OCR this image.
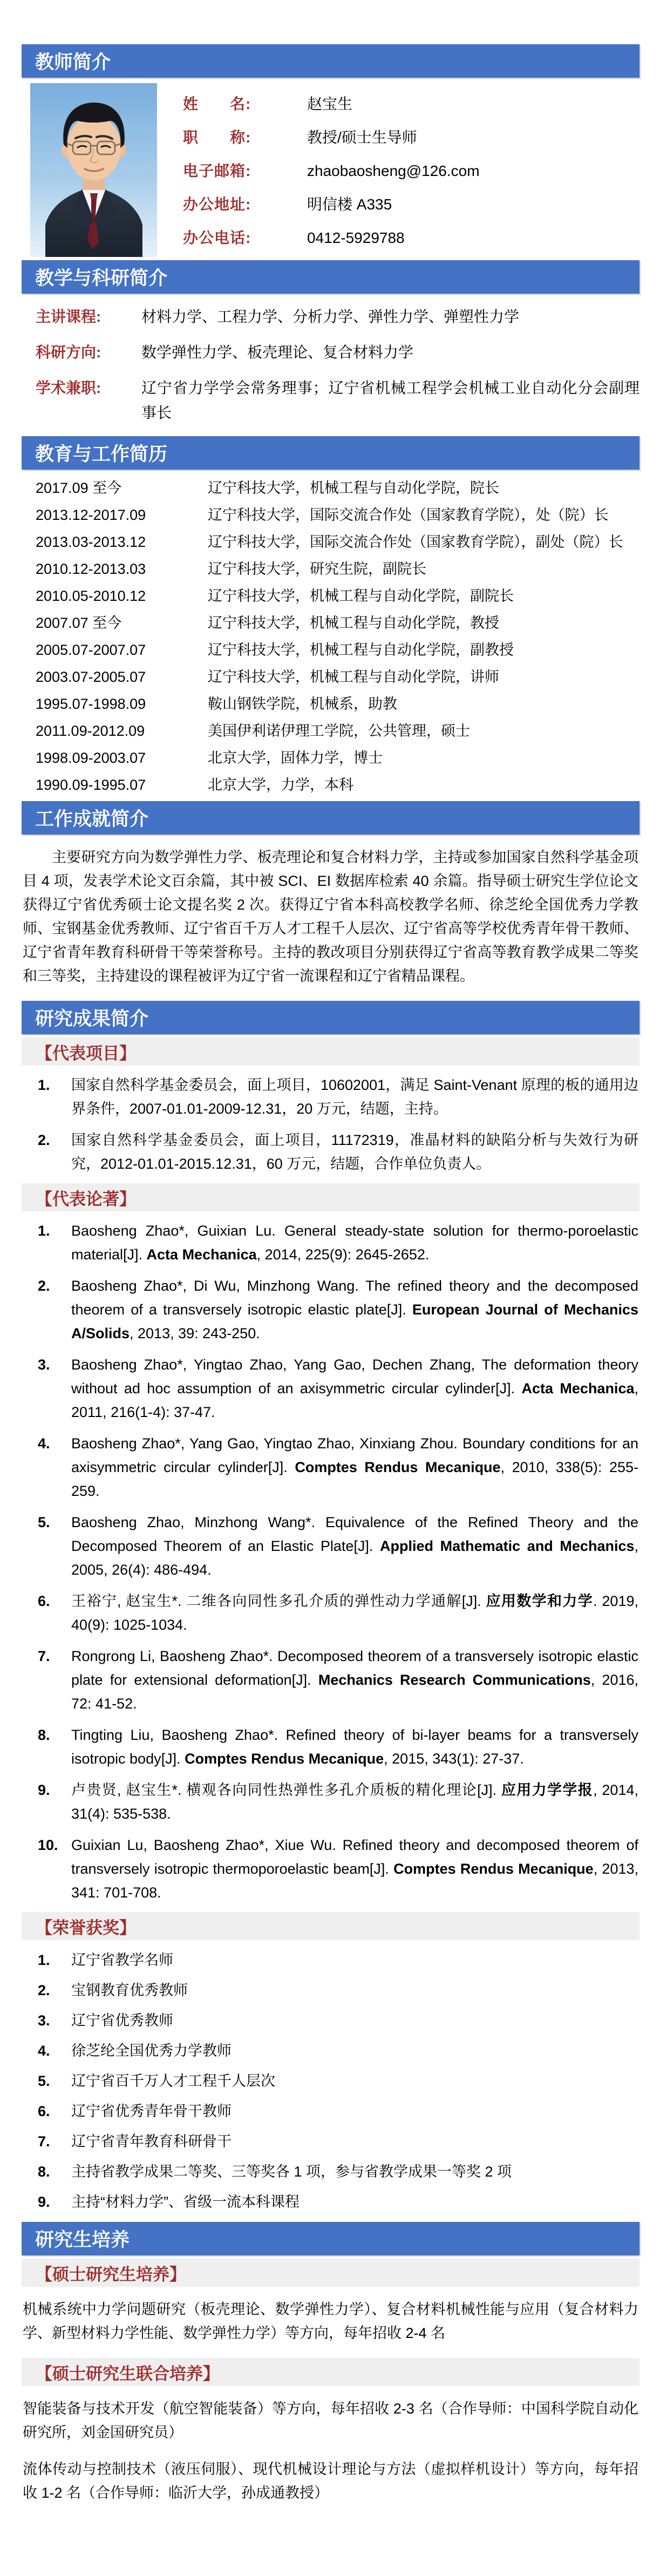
教师简介
姓　　名:	赵宝生
职　　称:	教授/硕士生导师
电子邮箱:	zhaobaosheng@126.com
办公地址:	明信楼 A335
办公电话:	0412-5929788
教学与科研简介
主讲课程:	材料力学、工程力学、分析力学、弹性力学、弹塑性力学
科研方向:	数学弹性力学、板壳理论、复合材料力学
学术兼职:	辽宁省力学学会常务理事；辽宁省机械工程学会机械工业自动化分会副理事长
教育与工作简历
2017.09 至今	辽宁科技大学，机械工程与自动化学院，院长
2013.12-2017.09	辽宁科技大学，国际交流合作处（国家教育学院），处（院）长
2013.03-2013.12	辽宁科技大学，国际交流合作处（国家教育学院），副处（院）长
2010.12-2013.03	辽宁科技大学，研究生院，副院长
2010.05-2010.12	辽宁科技大学，机械工程与自动化学院，副院长
2007.07 至今	辽宁科技大学，机械工程与自动化学院，教授
2005.07-2007.07	辽宁科技大学，机械工程与自动化学院，副教授
2003.07-2005.07	辽宁科技大学，机械工程与自动化学院，讲师
1995.07-1998.09	鞍山钢铁学院，机械系，助教
2011.09-2012.09	美国伊利诺伊理工学院，公共管理，硕士
1998.09-2003.07	北京大学，固体力学，博士
1990.09-1995.07	北京大学，力学，本科
工作成就简介
主要研究方向为数学弹性力学、板壳理论和复合材料力学，主持或参加国家自然科学基金项目 4 项，发表学术论文百余篇，其中被 SCI、EI 数据库检索 40 余篇。指导硕士研究生学位论文获得辽宁省优秀硕士论文提名奖 2 次。获得辽宁省本科高校教学名师、徐芝纶全国优秀力学教师、宝钢基金优秀教师、辽宁省百千万人才工程千人层次、辽宁省高等学校优秀青年骨干教师、辽宁省青年教育科研骨干等荣誉称号。主持的教改项目分别获得辽宁省高等教育教学成果二等奖和三等奖，主持建设的课程被评为辽宁省一流课程和辽宁省精品课程。
研究成果简介
【代表项目】
国家自然科学基金委员会，面上项目，10602001，满足 Saint-Venant 原理的板的通用边界条件，2007-01.01-2009-12.31，20 万元，结题，主持。
国家自然科学基金委员会，面上项目，11172319，准晶材料的缺陷分析与失效行为研究，2012-01.01-2015.12.31，60 万元，结题，合作单位负责人。
【代表论著】
Baosheng Zhao*, Guixian Lu. General steady-state solution for thermo-poroelastic material[J]. Acta Mechanica, 2014, 225(9): 2645-2652.
Baosheng Zhao*, Di Wu, Minzhong Wang. The refined theory and the decomposed theorem of a transversely isotropic elastic plate[J]. European Journal of Mechanics A/Solids, 2013, 39: 243-250.
Baosheng Zhao*, Yingtao Zhao, Yang Gao, Dechen Zhang, The deformation theory without ad hoc assumption of an axisymmetric circular cylinder[J]. Acta Mechanica, 2011, 216(1-4): 37-47.
Baosheng Zhao*, Yang Gao, Yingtao Zhao, Xinxiang Zhou. Boundary conditions for an axisymmetric circular cylinder[J]. Comptes Rendus Mecanique, 2010, 338(5): 255-259.
Baosheng Zhao, Minzhong Wang*. Equivalence of the Refined Theory and the Decomposed Theorem of an Elastic Plate[J]. Applied Mathematic and Mechanics, 2005, 26(4): 486-494.
王裕宁, 赵宝生*. 二维各向同性多孔介质的弹性动力学通解[J]. 应用数学和力学. 2019, 40(9): 1025-1034.
Rongrong Li, Baosheng Zhao*. Decomposed theorem of a transversely isotropic elastic plate for extensional deformation[J]. Mechanics Research Communications, 2016, 72: 41-52.
Tingting Liu, Baosheng Zhao*. Refined theory of bi-layer beams for a transversely isotropic body[J]. Comptes Rendus Mecanique, 2015, 343(1): 27-37.
卢贵贤, 赵宝生*. 横观各向同性热弹性多孔介质板的精化理论[J]. 应用力学学报, 2014, 31(4): 535-538.
Guixian Lu, Baosheng Zhao*, Xiue Wu. Refined theory and decomposed theorem of transversely isotropic thermoporoelastic beam[J]. Comptes Rendus Mecanique, 2013, 341: 701-708.
【荣誉获奖】
辽宁省教学名师
宝钢教育优秀教师
辽宁省优秀教师
徐芝纶全国优秀力学教师
辽宁省百千万人才工程千人层次
辽宁省优秀青年骨干教师
辽宁省青年教育科研骨干
主持省教学成果二等奖、三等奖各 1 项，参与省教学成果一等奖 2 项
主持“材料力学”、省级一流本科课程
研究生培养
【硕士研究生培养】
机械系统中力学问题研究（板壳理论、数学弹性力学）、复合材料机械性能与应用（复合材料力学、新型材料力学性能、数学弹性力学）等方向，每年招收 2-4 名
【硕士研究生联合培养】
智能装备与技术开发（航空智能装备）等方向，每年招收 2-3 名（合作导师：中国科学院自动化研究所，刘金国研究员）
流体传动与控制技术（液压伺服）、现代机械设计理论与方法（虚拟样机设计）等方向，每年招收 1-2 名（合作导师：临沂大学，孙成通教授）
